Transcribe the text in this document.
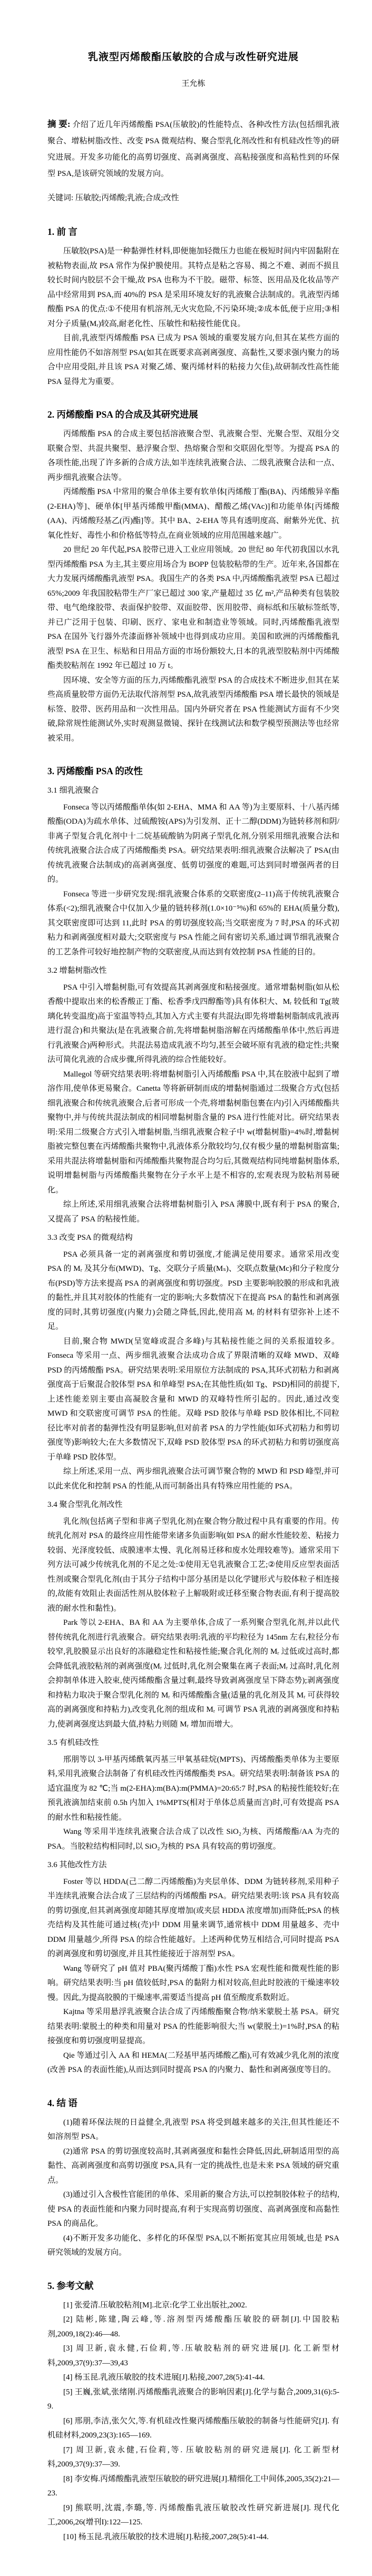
乳液型丙烯酸酯压敏胶的合成与改性研究进展
王允栋

摘 要: 介绍了近几年丙烯酸酯 PSA(压敏胶)的性能特点、各种改性方法(包括细乳液聚合、增粘树脂改性、改变 PSA 微观结构、聚合型乳化剂改性和有机硅改性等)的研究进展。开发多功能化的高剪切强度、高剥离强度、高粘接强度和高粘性到的环保型 PSA,是该研究领域的发展方向。

关键词: 压敏胶;丙烯酸;乳液;合成;改性

1. 前 言

压敏胶(PSA)是一种黏弹性材料,即便施加轻微压力也能在极短时间内牢固黏附在被粘物表面,故 PSA 常作为保护膜使用。其特点是粘之容易、揭之不难、剥而不损且较长时间内胶层不会干燥,故 PSA 也称为不干胶。磁带、标签、医用品及化妆品等产品中经常用到 PSA,而 40%的 PSA 是采用环境友好的乳液聚合法制成的。乳液型丙烯酸酯 PSA 的优点:①不使用有机溶剂,无火灾危险,不污染环境;②成本低,便于应用;③相对分子质量(Mᵣ)较高,耐老化性、压敏性和粘接性能优良。

目前,乳液型丙烯酸酯 PSA 已成为 PSA 领域的重要发展方向,但其在某些方面的应用性能仍不如溶剂型 PSA(如其在既要求高剥离强度、高黏性,又要求强内聚力的场合中应用受阻,并且该 PSA 对聚乙烯、聚丙烯材料的粘接力欠佳),故研制改性高性能 PSA 显得尤为重要。

2. 丙烯酸酯 PSA 的合成及其研究进展

丙烯酸酯 PSA 的合成主要包括溶液聚合型、乳液聚合型、光聚合型、双组分交联聚合型、共混共聚型、悬浮聚合型、热熔聚合型和交联固化型等。为提高 PSA 的各项性能,出现了许多新的合成方法,如半连续乳液聚合法、二级乳液聚合法和一点、两步细乳液聚合法等。

丙烯酸酯 PSA 中常用的聚合单体主要有软单体[丙烯酸丁酯(BA)、丙烯酸异辛酯(2-EHA)等]、硬单体[甲基丙烯酸甲酯(MMA)、醋酸乙烯(VAc)]和功能单体[丙烯酸(AA)、丙烯酸羟基乙(丙)酯]等。其中 BA、2-EHA 等具有透明度高、耐紫外光优、抗氧化性好、毒性小和价格低等特点,在商业领域的应用范围越来越广。

20 世纪 20 年代起,PSA 胶带已进入工业应用领域。20 世纪 80 年代初我国以水乳型丙烯酸酯 PSA 为主,其主要应用场合为 BOPP 包装胶粘带的生产。近年来,各国都在大力发展丙烯酸酯乳液型 PSA。我国生产的各类 PSA 中,丙烯酸酯乳液型 PSA 已超过 65%;2009 年我国胶粘带生产厂家已超过 300 家,产量超过 35 亿 m²,产品种类有包装胶带、电气绝缘胶带、表面保护胶带、双面胶带、医用胶带、商标纸和压敏标签纸等,并已广泛用于包装、印刷、医疗、家电业和制造业等领域。同时,丙烯酸酯乳液型 PSA 在国外飞行器外壳漆面修补领域中也得到成功应用。美国和欧洲的丙烯酸酯乳液型 PSA 在卫生、标贴和日用品方面的市场份额较大,日本的乳液型胶粘剂中丙烯酸酯类胶粘剂在 1992 年已超过 10 万 t。

因环境、安全等方面的压力,丙烯酸酯乳液型 PSA 的合成技术不断进步,但其在某些高质量胶带方面仍无法取代溶剂型 PSA,故乳液型丙烯酸酯 PSA 增长最快的领域是标签、胶带、医药用品和一次性用品。国内外研究者在 PSA 性能测试方面有不少突破,除常规性能测试外,实时观测显微镜、探针在线测试法和数学模型预测法等也经常被采用。

3. 丙烯酸酯 PSA 的改性
3.1 细乳液聚合

Fonseca 等以丙烯酸酯单体(如 2-EHA、MMA 和 AA 等)为主要原料、十八基丙烯酸酯(ODA)为疏水单体、过硫酸铵(APS)为引发剂、正十二醇(DDM)为链转移剂和阴/非离子型复合乳化剂中十二烷基硫酸钠为阴离子型乳化剂,分别采用细乳液聚合法和传统乳液聚合法合成了丙烯酸酯类 PSA。研究结果表明:细乳液聚合法解决了 PSA(由传统乳液聚合法制成)的高剥离强度、低剪切强度的难题,可达到同时增强两者的目的。

Fonseca 等进一步研究发现:细乳液聚合体系的交联密度(2–11)高于传统乳液聚合体系(<2);细乳液聚合中仅加入少量的链转移剂(1.0×10⁻⁵%)和 65%的 EHA(质量分数),其交联密度即可达到 11,此时 PSA 的剪切强度较高;当交联密度为 7 时,PSA 的环式初粘力和剥离强度相对最大;交联密度与 PSA 性能之间有密切关系,通过调节细乳液聚合的工艺条件可较好地控制产物的交联密度,从而达到有效控制 PSA 性能的目的。

3.2 增黏树脂改性

PSA 中引入增黏树脂,可有效提高其剥离强度和粘接强度。通常增黏树脂(如从松香酸中提取出来的松香酸正丁酯、松香季戊四醇酯等)具有体积大、Mᵣ 较低和 Tg(玻璃化转变温度)高于室温等特点,其加入方式主要有共混法(即先将增黏树脂制成乳液再进行混合)和共聚法(是在乳液聚合前,先将增黏树脂溶解在丙烯酸酯单体中,然后再进行乳液聚合)两种形式。共混法易造成乳液不均匀,甚至会破坏原有乳液的稳定性;共聚法可简化乳液的合成步骤,所得乳液的综合性能较好。

Mallegol 等研究结果表明:将增黏树脂引入丙烯酸酯 PSA 中,其在胶液中起到了增溶作用,使单体更易聚合。Canetta 等将新研制而成的增黏树脂通过二级聚合方式(包括细乳液聚合和传统乳液聚合,后者可形成一个壳,将增黏树脂包裹在内)引入丙烯酸酯共聚物中,并与传统共混法制成的相同增黏树脂含量的 PSA 进行性能对比。研究结果表明:采用二级聚合方式引入增黏树脂,当细乳液聚合粒子中 w(增黏树脂)=4%时,增黏树脂被完整包裹在丙烯酸酯共聚物中,乳液体系分散较均匀,仅有极少量的增黏树脂富集;采用共混法将增黏树脂和丙烯酸酯共聚物混合均匀后,其微观结构同纯增黏树脂体系,说明增黏树脂与丙烯酸酯共聚物在分子水平上是不相容的,宏观表现为胶粘剂易硬化。

综上所述,采用细乳液聚合法将增黏树脂引入 PSA 薄膜中,既有利于 PSA 的聚合,又提高了 PSA 的粘接性能。

3.3 改变 PSA 的微观结构

PSA 必须具备一定的剥离强度和剪切强度,才能满足使用要求。通常采用改变 PSA 的 Mᵣ 及其分布(MWD)、Tg、交联分子质量(Mₛ)、交联点数量(Mc)和分子粒度分布(PSD)等方法来提高 PSA 的剥离强度和剪切强度。PSD 主要影响胶膜的形成和乳液的黏性,并且其对胶体的性能有一定的影响;大多数情况下在提高 PSA 的黏性和剥离强度的同时,其剪切强度(内聚力)会随之降低,因此,使用高 Mᵣ 的材料有望弥补上述不足。

目前,聚合物 MWD(呈宽峰或混合多峰)与其粘接性能之间的关系报道较多。Fonseca 等采用一点、两步细乳液聚合法成功合成了界限清晰的双峰 MWD、双峰 PSD 的丙烯酸酯 PSA。研究结果表明:采用原位方法制成的 PSA,其环式初粘力和剥离强度高于后聚混合胶体型 PSA 和单峰型 PSA;在其他性质(如 Tg、PSD)相同的前提下,上述性能差别主要由高凝胶含量和 MWD 的双峰特性所引起的。因此,通过改变 MWD 和交联密度可调节 PSA 的性能。双峰 PSD 胶体与单峰 PSD 胶体相比,不同粒径比率对前者的黏弹性没有明显影响,但对前者 PSA 的力学性能(如环式初粘力和剪切强度等)影响较大;在大多数情况下,双峰 PSD 胶体型 PSA 的环式初粘力和剪切强度高于单峰 PSD 胶体型。

综上所述,采用一点、两步细乳液聚合法可调节聚合物的 MWD 和 PSD 峰型,并可以此来优化和控制 PSA 的性能,从而可制备出具有特殊应用性能的 PSA。

3.4 聚合型乳化剂改性

乳化剂(包括离子型和非离子型乳化剂)在聚合物分散过程中具有重要的作用。传统乳化剂对 PSA 的最终应用性能带来诸多负面影响(如 PSA 的耐水性能较差、粘接力较弱、光泽度较低、成膜速率太慢、乳化剂易迁移和废水处理较难等)。通常采用下列方法可减少传统乳化剂的不足之处:①使用无皂乳液聚合工艺;②使用反应型表面活性剂或聚合型乳化剂(由于其分子结构中部分基团是以化学键形式与胶体粒子相连接的,故能有效阻止表面活性剂从胶体粒子上解吸附或迁移至聚合物表面,有利于提高胶液的耐水性和黏性)。

Park 等以 2-EHA、BA 和 AA 为主要单体,合成了一系列聚合型乳化剂,并以此代替传统乳化剂进行乳液聚合。研究结果表明:乳液的平均粒径为 145nm 左右,粒径分布较窄,乳胶膜显示出良好的冻融稳定性和粘接性能;聚合乳化剂的 Mᵣ 过低或过高时,都会降低乳液胶粘剂的剥离强度(Mᵣ 过低时,乳化剂会聚集在离子表面;Mᵣ 过高时,乳化剂会抑制单体进入胶束,使丙烯酸酯含量过剩,最终导致剥离强度呈下降态势);剥离强度和持粘力取决于聚合型乳化剂的 Mᵣ 和丙烯酸酯含量(适量的乳化剂及其 Mᵣ 可获得较高的剥离强度和持粘力),改变乳化剂的组成和 Mᵣ 可调节 PSA 乳液的剥离强度和持粘力,使剥离强度达到最大值,持粘力则随 Mᵣ 增加而增大。

3.5 有机硅改性

邢朋等以 3-甲基丙烯酰氧丙基三甲氧基硅烷(MPTS)、丙烯酸酯类单体为主要原料,采用乳液聚合法制备了有机硅改性丙烯酸酯类 PSA。研究结果表明:制备该 PSA 的适宜温度为 82 ℃;当 m(2-EHA):m(BA):m(PMMA)=20:65:7 时,PSA 的粘接性能较好;在预乳液滴加结束前 0.5h 内加入 1%MPTS(相对于单体总质量而言)时,可有效提高 PSA 的耐水性和粘接性能。

Wang 等采用半连续乳液聚合法合成了以改性 SiO₂为核、丙烯酸酯/AA 为壳的 PSA。当胶粒结构相同时,以 SiO₂为核的 PSA 具有较高的剪切强度。

3.6 其他改性方法

Foster 等以 HDDA(己二醇二丙烯酸酯)为夹层单体、DDM 为链转移剂,采用种子半连续乳液聚合法合成了三层结构的丙烯酸酯 PSA。研究结果表明:该 PSA 具有较高的剪切强度,但其剥离强度却随其厚度增加(或夹层 HDDA 浓度增加)而降低;PSA 的核壳结构及其性能可通过核(壳)中 DDM 用量来调节,通常核中 DDM 用量越多、壳中 DDM 用量越少,所得 PSA 的综合性能越好。上述两种优势互相结合,可同时提高 PSA 的剥离强度和剪切强度,并且其性能接近于溶剂型 PSA。

Wang 等研究了 pH 值对 PBA(聚丙烯酸丁酯)水性 PSA 宏观性能和微观性能的影响。研究结果表明:当 pH 值较低时,PSA 的黏附力相对较高,但此时胶液的干燥速率较慢。因此,为提高胶膜的干燥速率,需要适当提高 pH 值至酸度系数附近。

Kajtna 等采用悬浮乳液聚合法合成了丙烯酸酯聚合物/纳米蒙脱土基 PSA。研究结果表明:蒙脱土的种类和用量对 PSA 的性能影响很大;当 w(蒙脱土)=1%时,PSA 的粘接强度和剪切强度明显提高。

Qie 等通过引入 AA 和 HEMA(二羟基甲基丙烯酸乙酯),可有效减少乳化剂的浓度(改善 PSA 的表面性能),从而达到同时提高 PSA 的内聚力、黏性和剥离强度等目的。

4. 结 语

(1)随着环保法规的日益健全,乳液型 PSA 将受到越来越多的关注,但其性能还不如溶剂型 PSA。

(2)通常 PSA 的剪切强度较高时,其剥离强度和黏性会降低,因此,研制适用型的高黏性、高剥离强度和高剪切强度 PSA,具有一定的挑战性,也是未来 PSA 领域的研究重点。

(3)通过引入含极性官能团的单体、采用新的聚合方法,可以控制胶体粒子的结构,使 PSA 的表面性能和内聚力同时提高,有利于实现高剪切强度、高剥离强度和高黏性 PSA 的商品化。

(4)不断开发多功能化、多样化的环保型 PSA,以不断拓宽其应用领域,也是 PSA 研究领域的发展方向。

5. 参考文献

[1] 张爱清.压敏胶粘剂[M].北京:化学工业出版社,2002.

[2] 陆彬,陈建,陶云峰,等.溶剂型丙烯酸酯压敏胶的研制[J].中国胶粘剂,2009,18(2):46—48.

[3] 周卫新,袁永健,石俭莉,等.压敏胶粘剂的研究进展[J]. 化工新型材料,2009,37(9):37—39,43

[4] 杨玉昆.乳液压敏胶的技术进展[J].粘接,2007,28(5):41-44.

[5] 王巍,张斌,张绪刚.丙烯酸酯乳液聚合的影响因素[J].化学与黏合,2009,31(6):5-9.

[6] 邢朋,李洁,张欠欠,等.有机硅改性聚丙烯酸酯压敏胶的制备与性能研究[J]. 有机硅材料,2009,23(3):165—169.

[7] 周卫新,袁永健,石俭莉,等. 压敏胶粘剂的研究进展[J]. 化工新型材料,2009,37(9):37—39.

[8] 李安梅.丙烯酸酯乳液型压敏胶的研究进展[J].精细化工中间体,2005,35(2):21—23.

[9] 熊联明,沈震,李璐,等. 丙烯酸酯乳液压敏胶改性研究新进展[J]. 现代化工,2006,26(增刊I):122—125.

[10] 杨玉昆.乳液压敏胶的技术进展[J].粘接,2007,28(5):41-44.
